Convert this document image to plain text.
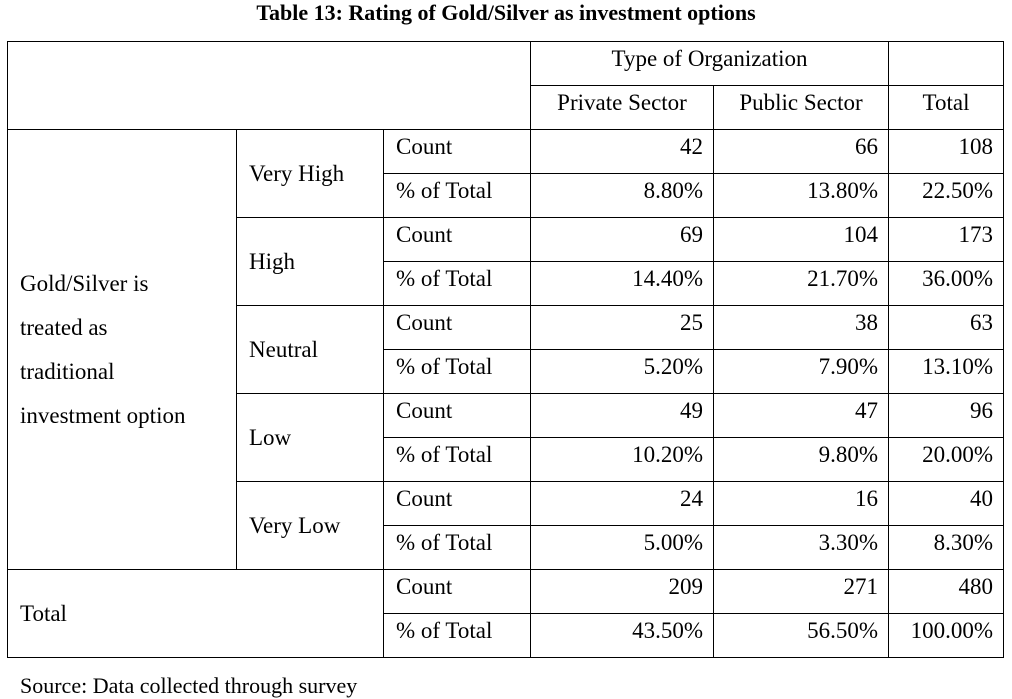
Table 13: Rating of Gold/Silver as investment options
			Type of Organization		
			Private Sector	Public Sector	Total
Gold/Silver is
treated as
traditional
investment option	Very High	Count	42	66	108
		% of Total	8.80%	13.80%	22.50%
	High	Count	69	104	173
		% of Total	14.40%	21.70%	36.00%
	Neutral	Count	25	38	63
		% of Total	5.20%	7.90%	13.10%
	Low	Count	49	47	96
		% of Total	10.20%	9.80%	20.00%
	Very Low	Count	24	16	40
		% of Total	5.00%	3.30%	8.30%
Total		Count	209	271	480
		% of Total	43.50%	56.50%	100.00%
Source: Data collected through survey
